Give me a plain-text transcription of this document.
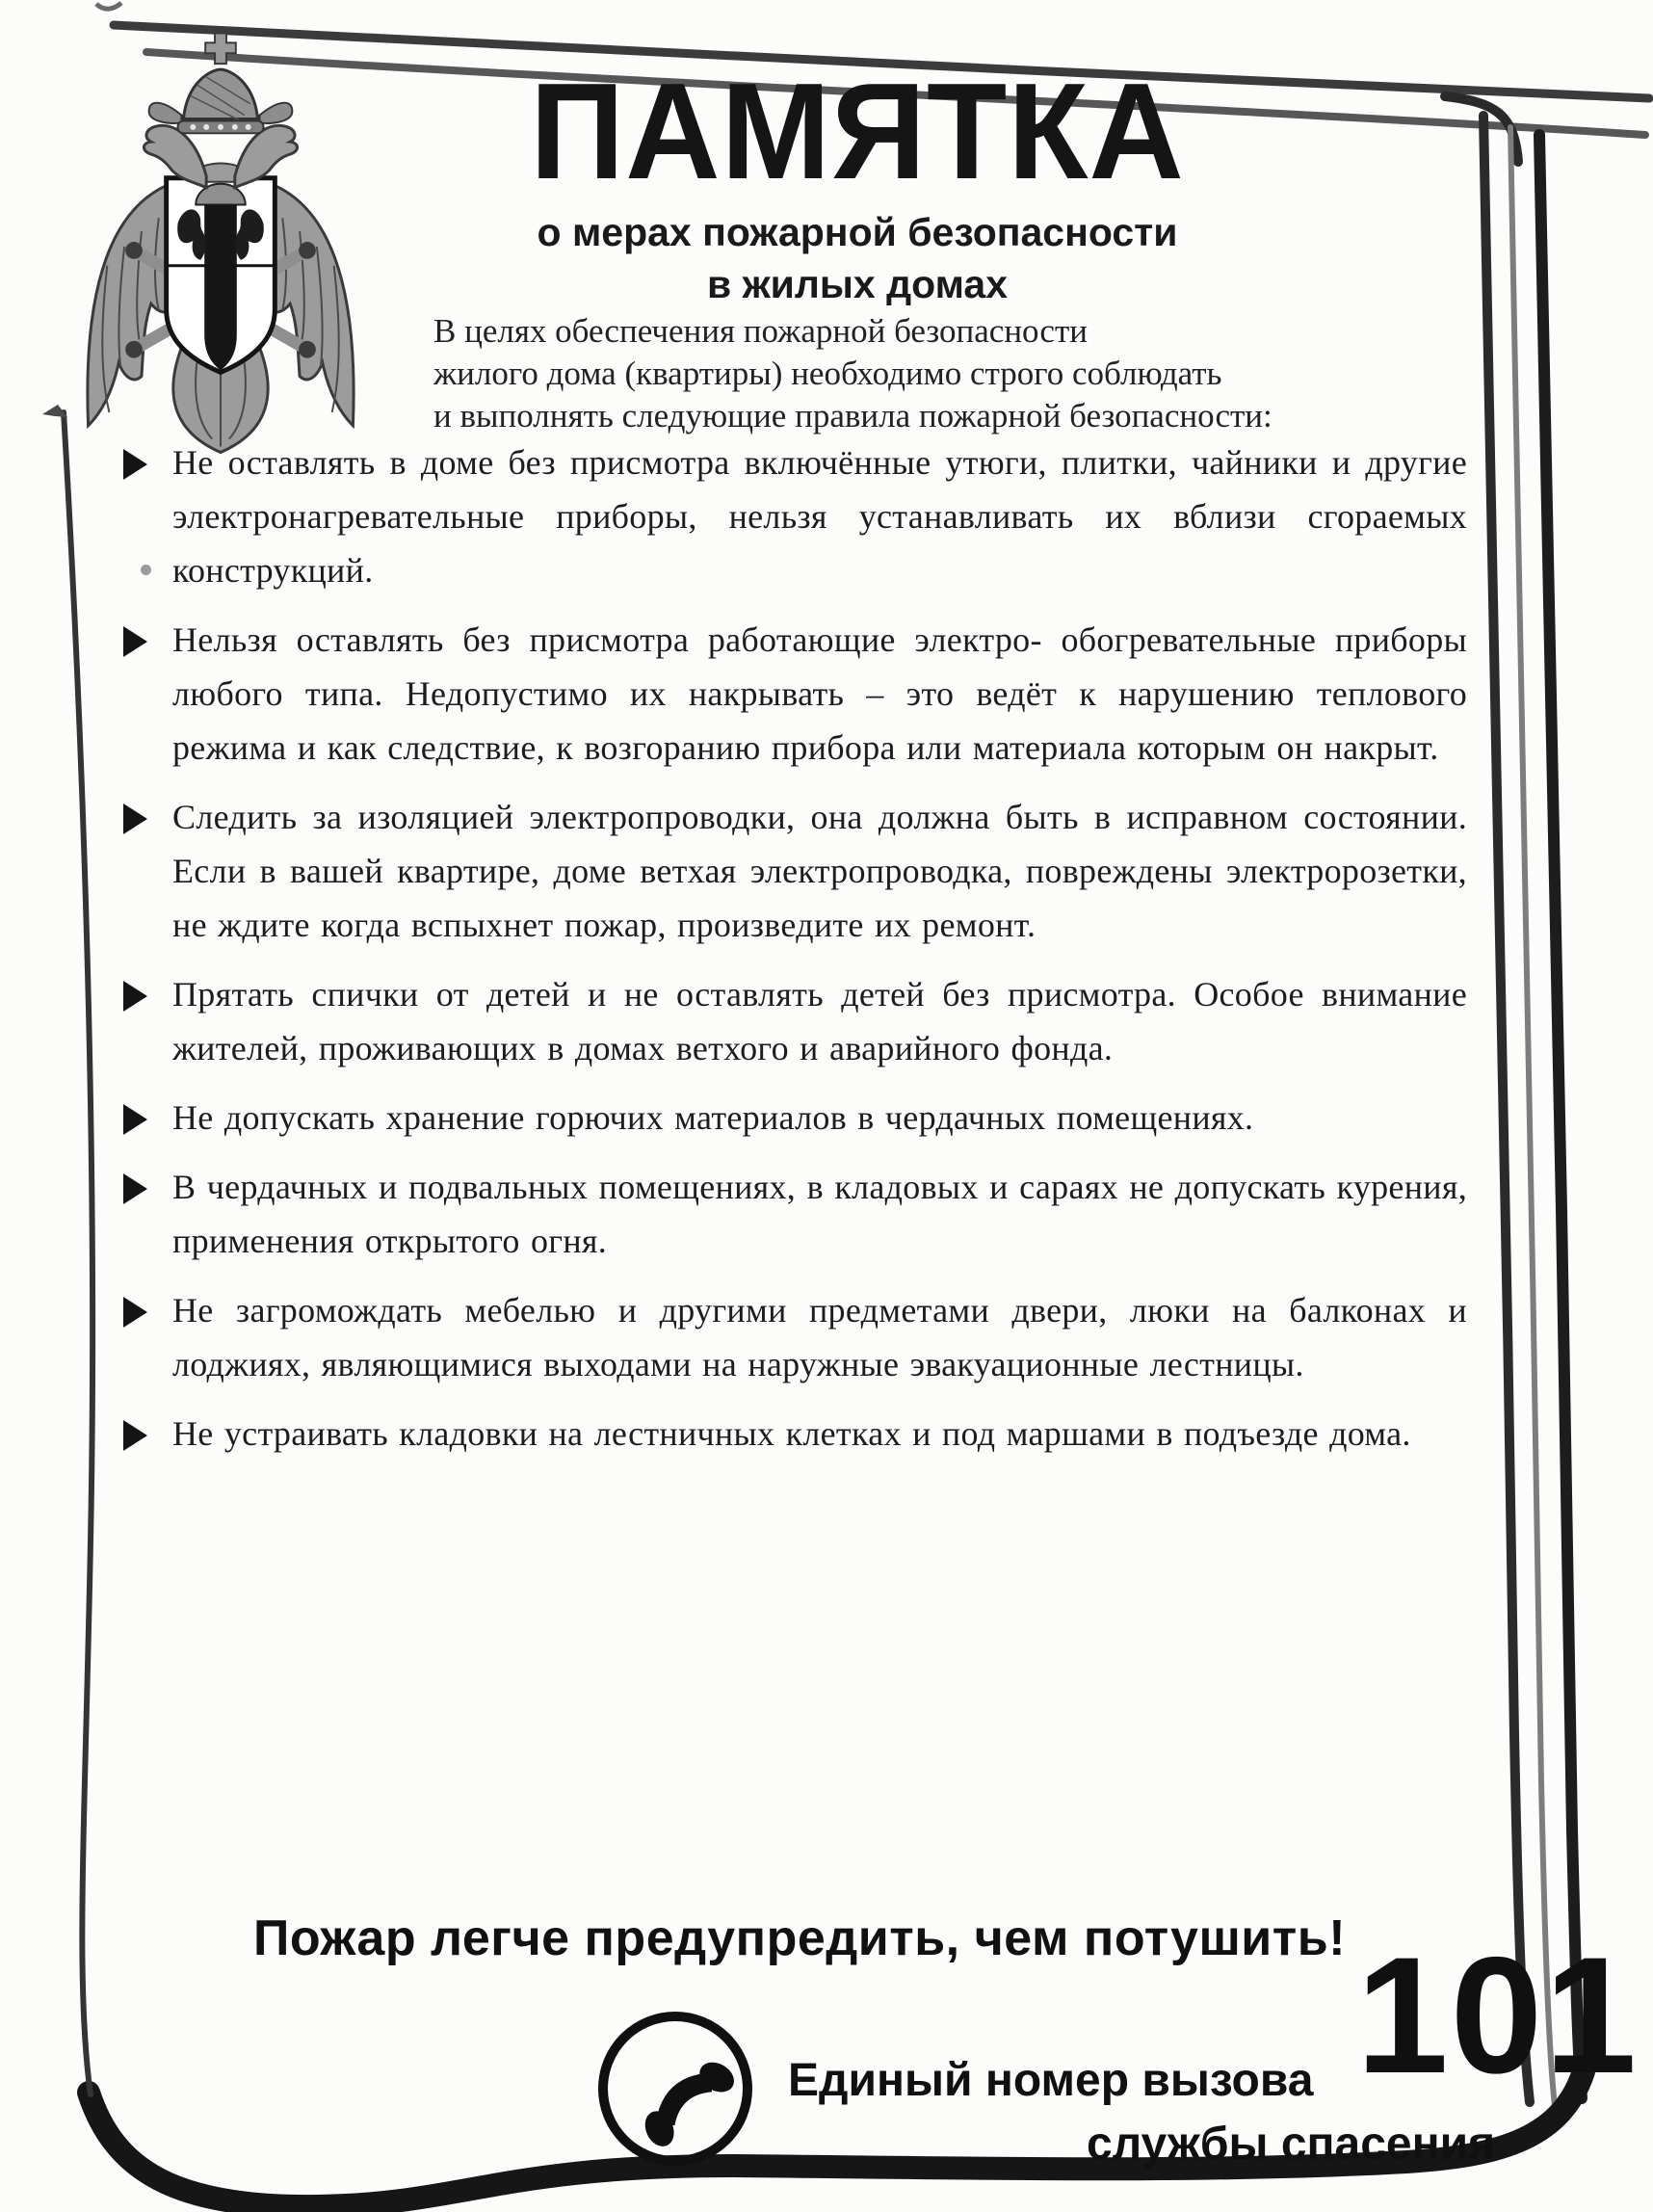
ПАМЯТКА
о мерах пожарной безопасности
в жилых домах
В целях обеспечения пожарной безопасности
жилого дома (квартиры) необходимо строго соблюдать
и выполнять следующие правила пожарной безопасности:
Не оставлять в доме без присмотра включённые утюги, плитки, чайники и другие электронагревательные приборы, нельзя устанавливать их вблизи сгораемых конструкций.
Нельзя оставлять без присмотра работающие электро- обогревательные приборы любого типа. Недопустимо их накрывать – это ведёт к нарушению теплового режима и как следствие, к возгоранию прибора или материала которым он накрыт.
Следить за изоляцией электропроводки, она должна быть в исправном состоянии. Если в вашей квартире, доме ветхая электропроводка, повреждены электророзетки, не ждите когда вспыхнет пожар, произведите их ремонт.
Прятать спички от детей и не оставлять детей без присмотра. Особое внимание жителей, проживающих в домах ветхого и аварийного фонда.
Не допускать хранение горючих материалов в чердачных помещениях.
В чердачных и подвальных помещениях, в кладовых и сараях не допускать курения, применения открытого огня.
Не загромождать мебелью и другими предметами двери, люки на балконах и лоджиях, являющимися выходами на наружные эвакуационные лестницы.
Не устраивать кладовки на лестничных клетках и под маршами в подъезде дома.
Пожар легче предупредить, чем потушить!
Единый номер вызова 101
службы спасения
